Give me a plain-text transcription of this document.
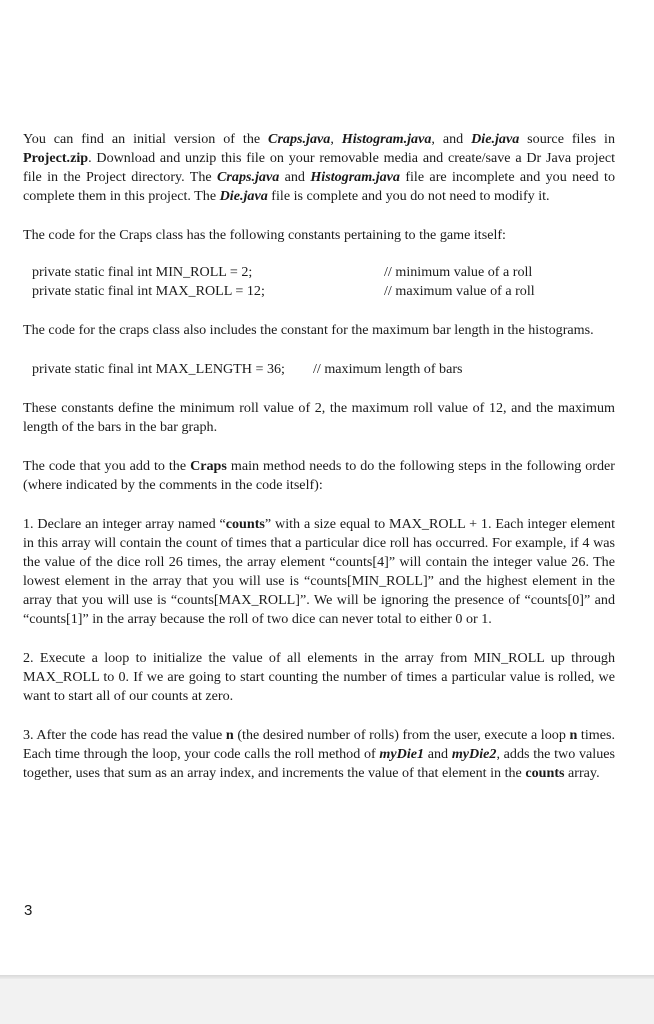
You can find an initial version of the Craps.java, Histogram.java, and Die.java source files in Project.zip. Download and unzip this file on your removable media and create/save a Dr Java project file in the Project directory. The Craps.java and Histogram.java file are incomplete and you need to complete them in this project. The Die.java file is complete and you do not need to modify it.

The code for the Craps class has the following constants pertaining to the game itself:

private static final int MIN_ROLL = 2;	// minimum value of a roll
private static final int MAX_ROLL = 12;	// maximum value of a roll

The code for the craps class also includes the constant for the maximum bar length in the histograms.

private static final int MAX_LENGTH = 36; // maximum length of bars

These constants define the minimum roll value of 2, the maximum roll value of 12, and the maximum length of the bars in the bar graph.

The code that you add to the Craps main method needs to do the following steps in the following order (where indicated by the comments in the code itself):

1. Declare an integer array named “counts” with a size equal to MAX_ROLL + 1. Each integer element in this array will contain the count of times that a particular dice roll has occurred. For example, if 4 was the value of the dice roll 26 times, the array element “counts[4]” will contain the integer value 26. The lowest element in the array that you will use is “counts[MIN_ROLL]” and the highest element in the array that you will use is “counts[MAX_ROLL]”. We will be ignoring the presence of “counts[0]” and “counts[1]” in the array because the roll of two dice can never total to either 0 or 1.

2. Execute a loop to initialize the value of all elements in the array from MIN_ROLL up through MAX_ROLL to 0. If we are going to start counting the number of times a particular value is rolled, we want to start all of our counts at zero.

3. After the code has read the value n (the desired number of rolls) from the user, execute a loop n times. Each time through the loop, your code calls the roll method of myDie1 and myDie2, adds the two values together, uses that sum as an array index, and increments the value of that element in the counts array.

3
